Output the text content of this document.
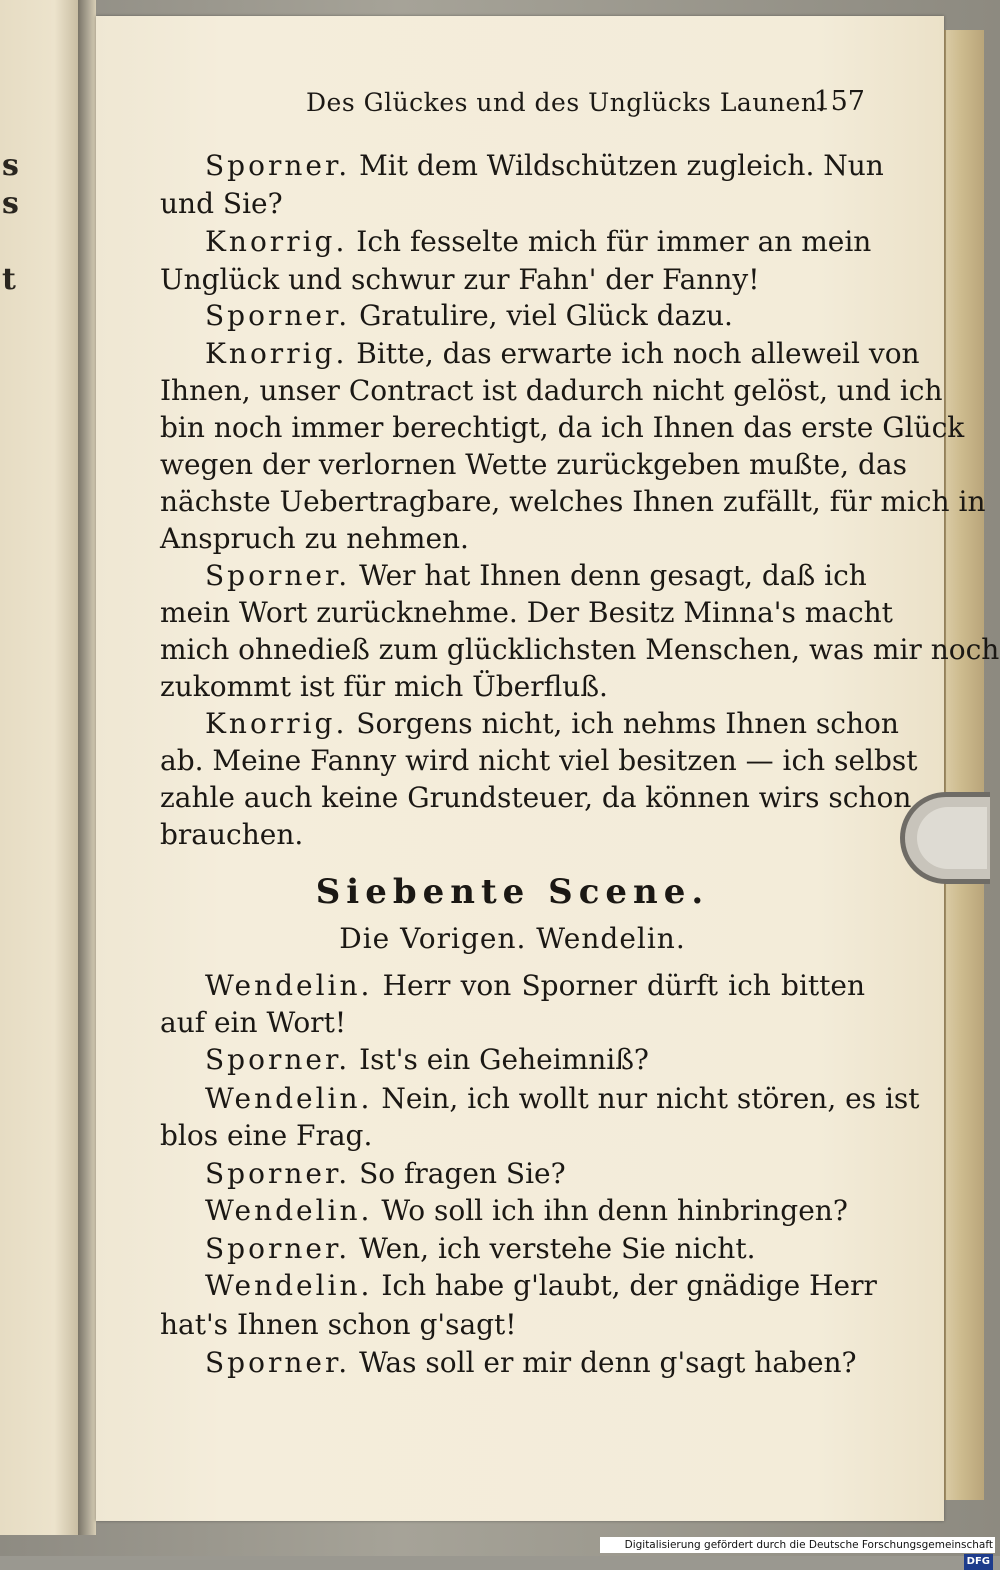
s
s
t
Des Glückes und des Unglücks Launen.
157
Sporner. Mit dem Wildschützen zugleich. Nun
und Sie?
Knorrig. Ich fesselte mich für immer an mein
Unglück und schwur zur Fahn' der Fanny!
Sporner. Gratulire, viel Glück dazu.
Knorrig. Bitte, das erwarte ich noch alleweil von
Ihnen, unser Contract ist dadurch nicht gelöst, und ich
bin noch immer berechtigt, da ich Ihnen das erste Glück
wegen der verlornen Wette zurückgeben mußte, das
nächste Uebertragbare, welches Ihnen zufällt, für mich in
Anspruch zu nehmen.
Sporner. Wer hat Ihnen denn gesagt, daß ich
mein Wort zurücknehme. Der Besitz Minna's macht
mich ohnedieß zum glücklichsten Menschen, was mir noch
zukommt ist für mich Überfluß.
Knorrig. Sorgens nicht, ich nehms Ihnen schon
ab. Meine Fanny wird nicht viel besitzen — ich selbst
zahle auch keine Grundsteuer, da können wirs schon
brauchen.
Siebente Scene.
Die Vorigen. Wendelin.
Wendelin. Herr von Sporner dürft ich bitten
auf ein Wort!
Sporner. Ist's ein Geheimniß?
Wendelin. Nein, ich wollt nur nicht stören, es ist
blos eine Frag.
Sporner. So fragen Sie?
Wendelin. Wo soll ich ihn denn hinbringen?
Sporner. Wen, ich verstehe Sie nicht.
Wendelin. Ich habe g'laubt, der gnädige Herr
hat's Ihnen schon g'sagt!
Sporner. Was soll er mir denn g'sagt haben?
Digitalisierung gefördert durch die Deutsche Forschungsgemeinschaft DFG
